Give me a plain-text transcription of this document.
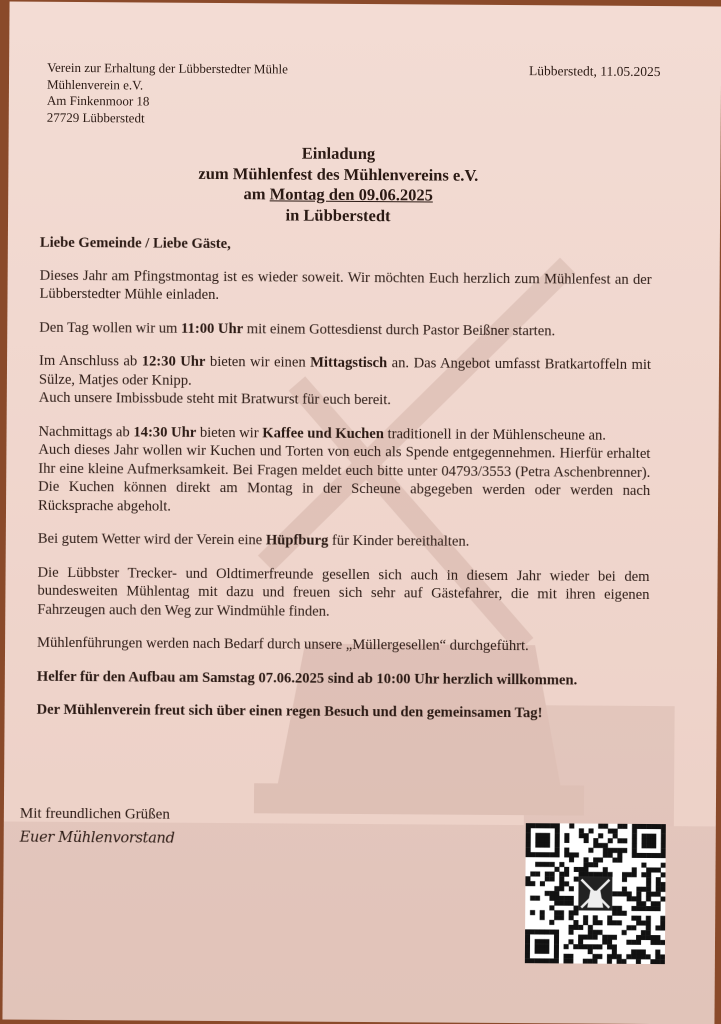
Verein zur Erhaltung der Lübberstedter Mühle
Mühlenverein e.V.
Am Finkenmoor 18
27729 Lübberstedt
Lübberstedt, 11.05.2025
Einladung
zum Mühlenfest des Mühlenvereins e.V.
am Montag den 09.06.2025
in Lübberstedt

Liebe Gemeinde / Liebe Gäste,

Dieses Jahr am Pfingstmontag ist es wieder soweit. Wir möchten Euch herzlich zum Mühlenfest an der Lübberstedter Mühle einladen.

Den Tag wollen wir um 11:00 Uhr mit einem Gottesdienst durch Pastor Beißner starten.

Im Anschluss ab 12:30 Uhr bieten wir einen Mittagstisch an. Das Angebot umfasst Bratkartoffeln mit Sülze, Matjes oder Knipp.
Auch unsere Imbissbude steht mit Bratwurst für euch bereit.

Nachmittags ab 14:30 Uhr bieten wir Kaffee und Kuchen traditionell in der Mühlenscheune an.
Auch dieses Jahr wollen wir Kuchen und Torten von euch als Spende entgegennehmen. Hierfür erhaltet Ihr eine kleine Aufmerksamkeit. Bei Fragen meldet euch bitte unter 04793/3553 (Petra Aschenbrenner). Die Kuchen können direkt am Montag in der Scheune abgegeben werden oder werden nach Rücksprache abgeholt.

Bei gutem Wetter wird der Verein eine Hüpfburg für Kinder bereithalten.

Die Lübbster Trecker- und Oldtimerfreunde gesellen sich auch in diesem Jahr wieder bei dem bundesweiten Mühlentag mit dazu und freuen sich sehr auf Gästefahrer, die mit ihren eigenen Fahrzeugen auch den Weg zur Windmühle finden.

Mühlenführungen werden nach Bedarf durch unsere „Müllergesellen“ durchgeführt.

Helfer für den Aufbau am Samstag 07.06.2025 sind ab 10:00 Uhr herzlich willkommen.

Der Mühlenverein freut sich über einen regen Besuch und den gemeinsamen Tag!

Mit freundlichen Grüßen
Euer Mühlenvorstand
